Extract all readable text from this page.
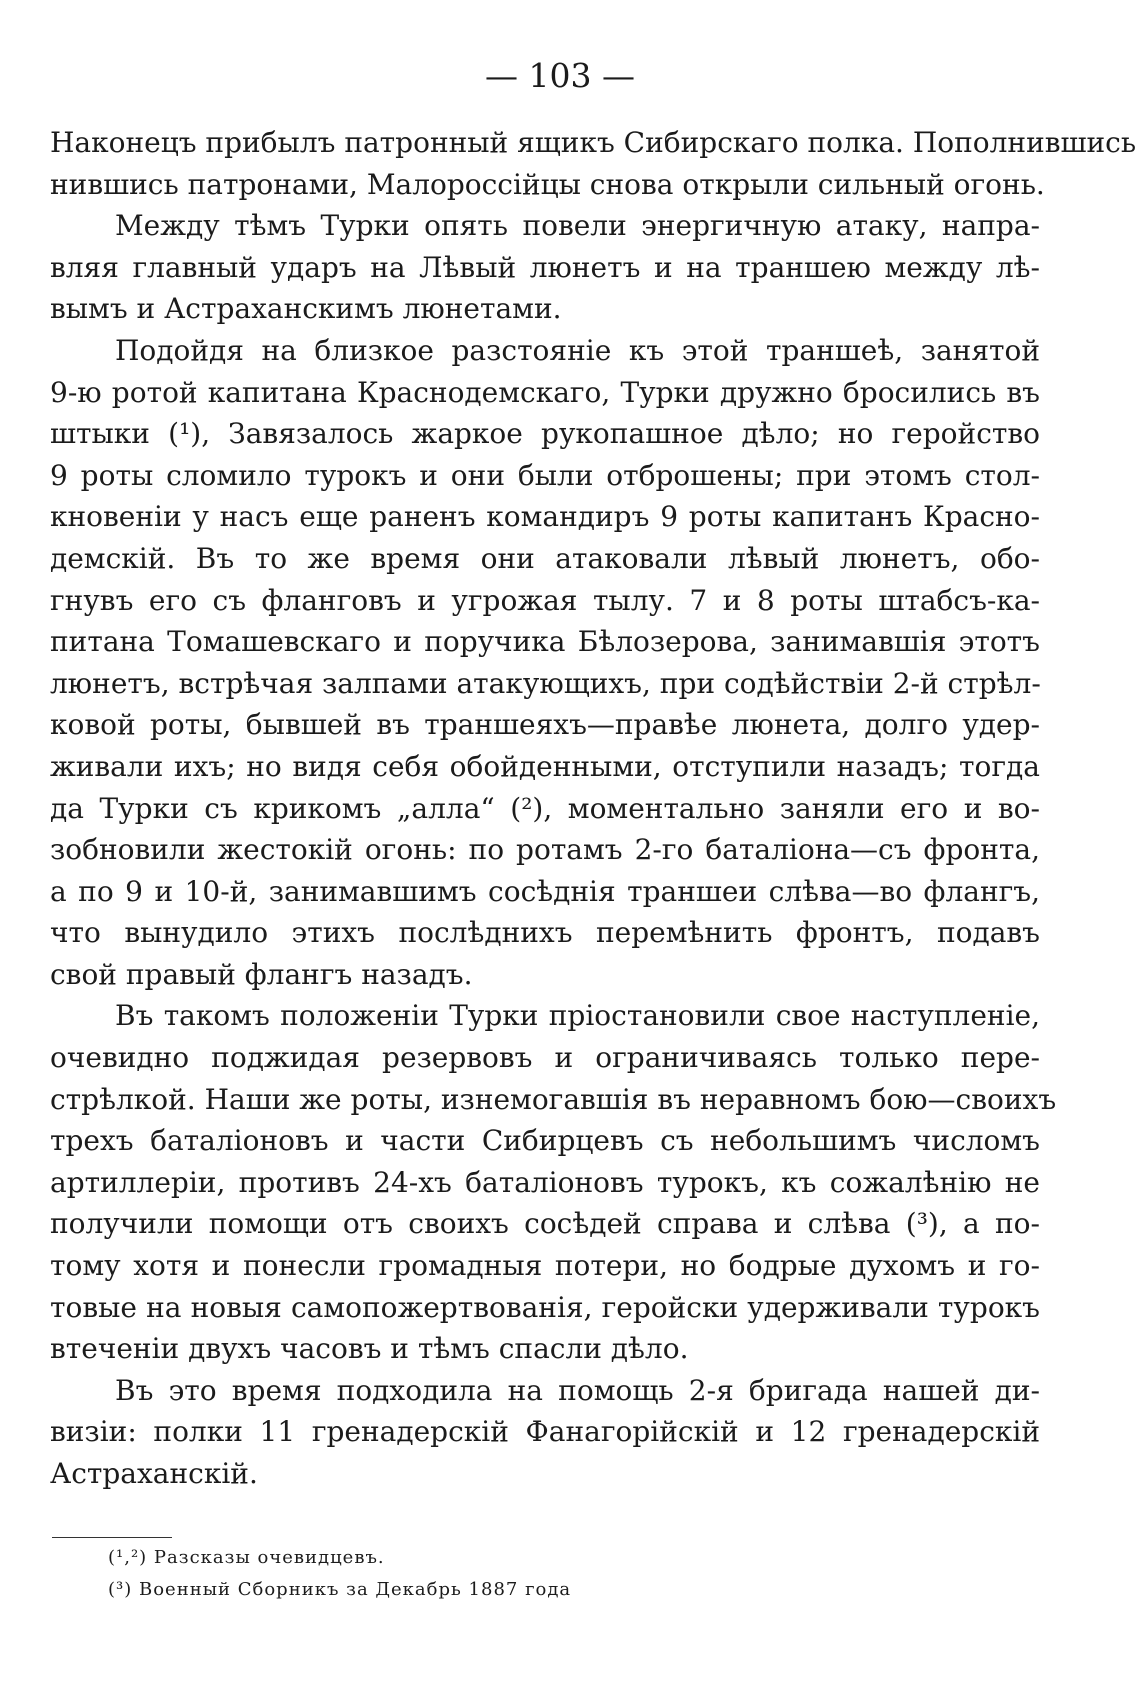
— 103 —

Наконецъ прибылъ патронный ящикъ Сибирскаго полка. Пополнившись
нившись патронами, Малороссійцы снова открыли сильный огонь.

Между тѣмъ Турки опять повели энергичную атаку, напра-
вляя главный ударъ на Лѣвый люнетъ и на траншею между лѣ-
вымъ и Астраханскимъ люнетами.

Подойдя на близкое разстояніе къ этой траншеѣ, занятой
9-ю ротой капитана Краснодемскаго, Турки дружно бросились въ
штыки (¹), Завязалось жаркое рукопашное дѣло; но геройство
9 роты сломило турокъ и они были отброшены; при этомъ стол-
кновеніи у насъ еще раненъ командиръ 9 роты капитанъ Красно-
демскій. Въ то же время они атаковали лѣвый люнетъ, обо-
гнувъ его съ фланговъ и угрожая тылу. 7 и 8 роты штабсъ-ка-
питана Томашевскаго и поручика Бѣлозерова, занимавшія этотъ
люнетъ, встрѣчая залпами атакующихъ, при содѣйствіи 2-й стрѣл-
ковой роты, бывшей въ траншеяхъ—правѣе люнета, долго удер-
живали ихъ; но видя себя обойденными, отступили назадъ; тогда
да Турки съ крикомъ „алла“ (²), моментально заняли его и во-
зобновили жестокій огонь: по ротамъ 2-го баталіона—съ фронта,
а по 9 и 10-й, занимавшимъ сосѣднія траншеи слѣва—во флангъ,
что вынудило этихъ послѣднихъ перемѣнить фронтъ, подавъ
свой правый флангъ назадъ.

Въ такомъ положеніи Турки пріостановили свое наступленіе,
очевидно поджидая резервовъ и ограничиваясь только пере-
стрѣлкой. Наши же роты, изнемогавшія въ неравномъ бою—своихъ
трехъ баталіоновъ и части Сибирцевъ съ небольшимъ числомъ
артиллеріи, противъ 24-хъ баталіоновъ турокъ, къ сожалѣнію не
получили помощи отъ своихъ сосѣдей справа и слѣва (³), а по-
тому хотя и понесли громадныя потери, но бодрые духомъ и го-
товые на новыя самопожертвованія, геройски удерживали турокъ
втеченіи двухъ часовъ и тѣмъ спасли дѣло.

Въ это время подходила на помощь 2-я бригада нашей ди-
визіи: полки 11 гренадерскій Фанагорійскій и 12 гренадерскій
Астраханскій.

(¹,²) Разсказы очевидцевъ.
(³) Военный Сборникъ за Декабрь 1887 года
